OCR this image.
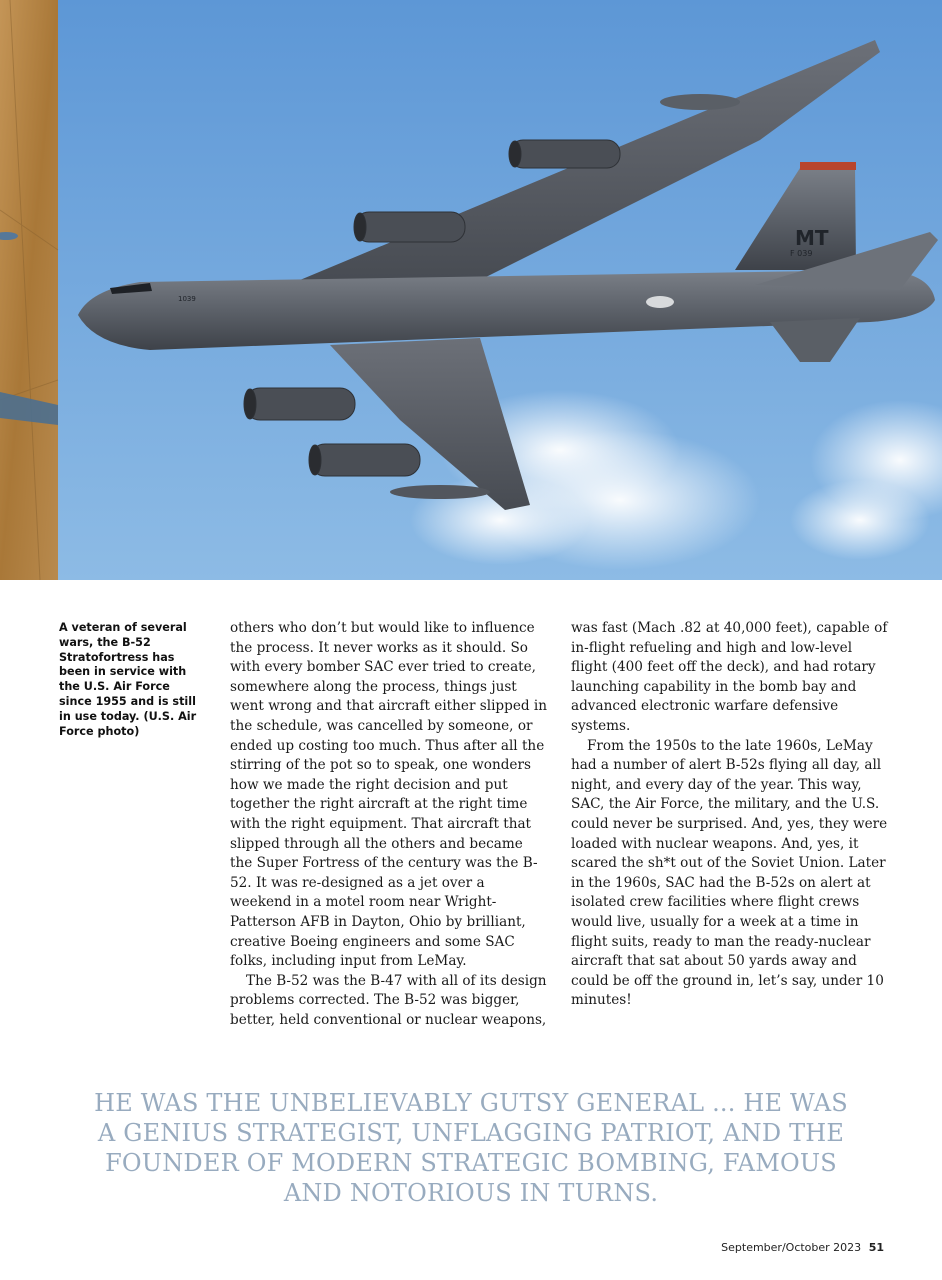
MT
F 039
1039
A veteran of several wars, the B-52 Stratofortress has been in service with the U.S. Air Force since 1955 and is still in use today. (U.S. Air Force photo)

others who don’t but would like to influence the process. It never works as it should. So with every bomber SAC ever tried to create, somewhere along the process, things just went wrong and that aircraft either slipped in the schedule, was cancelled by someone, or ended up costing too much. Thus after all the stirring of the pot so to speak, one wonders how we made the right decision and put together the right aircraft at the right time with the right equipment. That aircraft that slipped through all the others and became the Super Fortress of the century was the B-52. It was re-designed as a jet over a weekend in a motel room near Wright-Patterson AFB in Dayton, Ohio by brilliant, creative Boeing engineers and some SAC folks, including input from LeMay.

The B-52 was the B-47 with all of its design problems corrected. The B-52 was bigger, better, held conventional or nuclear weapons,

was fast (Mach .82 at 40,000 feet), capable of in-flight refueling and high and low-level flight (400 feet off the deck), and had rotary launching capability in the bomb bay and advanced electronic warfare defensive systems.

From the 1950s to the late 1960s, LeMay had a number of alert B-52s flying all day, all night, and every day of the year. This way, SAC, the Air Force, the military, and the U.S. could never be surprised. And, yes, they were loaded with nuclear weapons. And, yes, it scared the sh*t out of the Soviet Union. Later in the 1960s, SAC had the B-52s on alert at isolated crew facilities where flight crews would live, usually for a week at a time in flight suits, ready to man the ready-nuclear aircraft that sat about 50 yards away and could be off the ground in, let’s say, under 10 minutes!

HE WAS THE UNBELIEVABLY GUTSY GENERAL ... HE WAS A GENIUS STRATEGIST, UNFLAGGING PATRIOT, AND THE FOUNDER OF MODERN STRATEGIC BOMBING, FAMOUS AND NOTORIOUS IN TURNS.
September/October 2023 51
